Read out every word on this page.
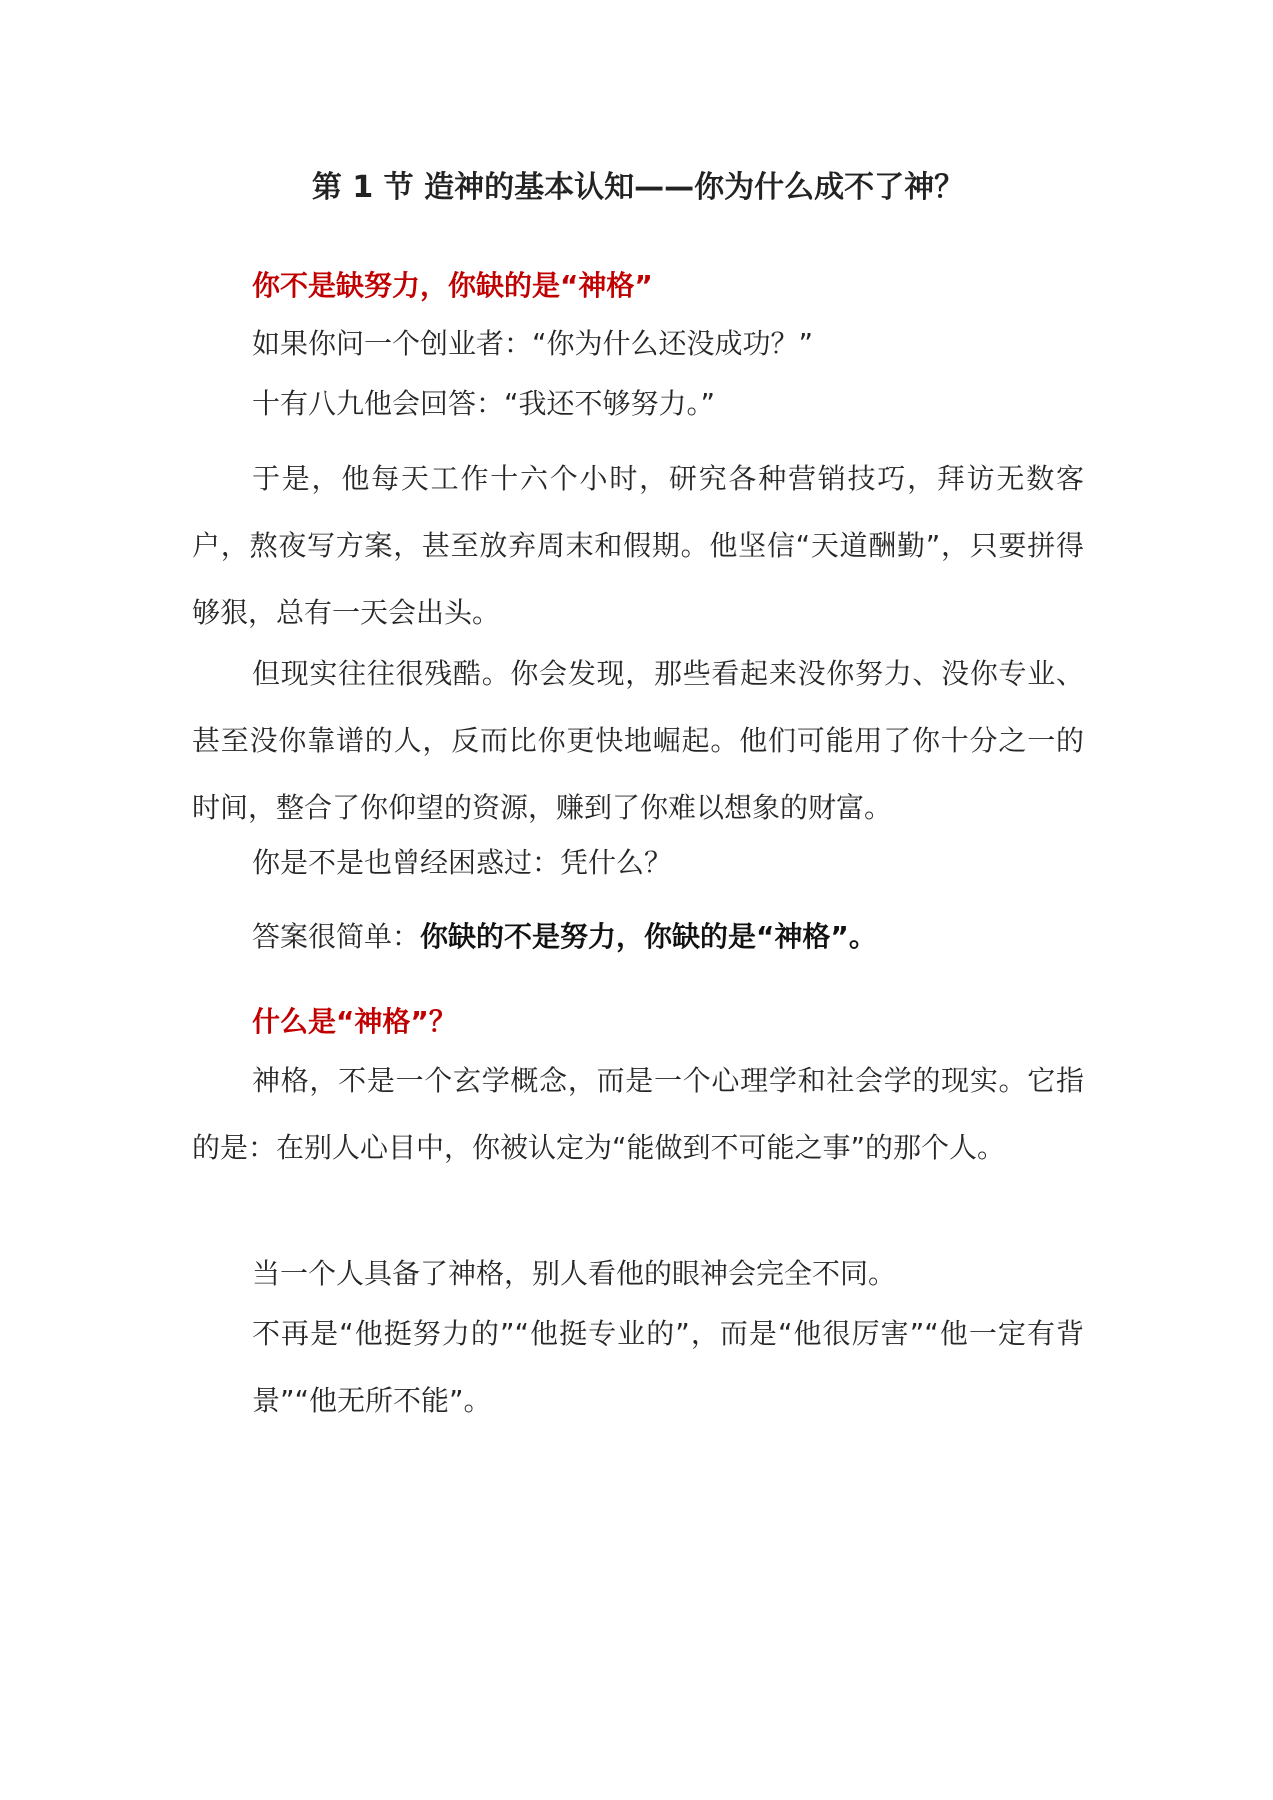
第 1 节 造神的基本认知——你为什么成不了神？
你不是缺努力，你缺的是“神格”

如果你问一个创业者：“你为什么还没成功？”

十有八九他会回答：“我还不够努力。”

于是，他每天工作十六个小时，研究各种营销技巧，拜访无数客户，熬夜写方案，甚至放弃周末和假期。他坚信“天道酬勤”，只要拼得够狠，总有一天会出头。

但现实往往很残酷。你会发现，那些看起来没你努力、没你专业、甚至没你靠谱的人，反而比你更快地崛起。他们可能用了你十分之一的时间，整合了你仰望的资源，赚到了你难以想象的财富。

你是不是也曾经困惑过：凭什么？

答案很简单：你缺的不是努力，你缺的是“神格”。

什么是“神格”？

神格，不是一个玄学概念，而是一个心理学和社会学的现实。它指的是：在别人心目中，你被认定为“能做到不可能之事”的那个人。

当一个人具备了神格，别人看他的眼神会完全不同。

不再是“他挺努力的”“他挺专业的”，而是“他很厉害”“他一定有背景”“他无所不能”。
